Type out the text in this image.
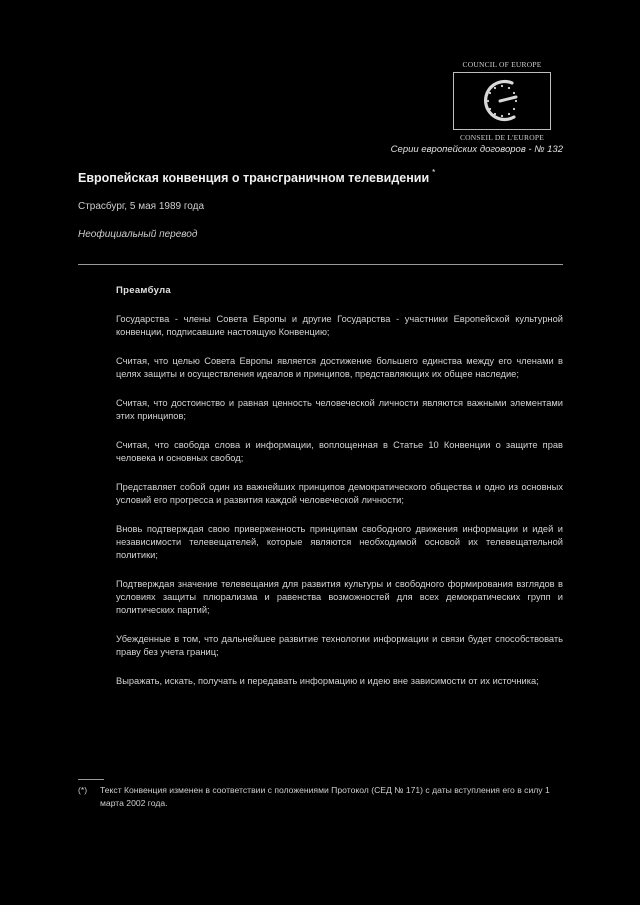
COUNCIL OF EUROPE
CONSEIL DE L'EUROPE
Серии европейских договоров - № 132
Европейская конвенция о трансграничном телевидении *
Страсбург, 5 мая 1989 года
Неофициальный перевод
Преамбула

Государства - члены Совета Европы и другие Государства - участники Европейской культурной конвенции, подписавшие настоящую Конвенцию;

Считая, что целью Совета Европы является достижение большего единства между его членами в целях защиты и осуществления идеалов и принципов, представляющих их общее наследие;

Считая, что достоинство и равная ценность человеческой личности являются важными элементами этих принципов;

Считая, что свобода слова и информации, воплощенная в Статье 10 Конвенции о защите прав человека и основных свобод;

Представляет собой один из важнейших принципов демократического общества и одно из основных условий его прогресса и развития каждой человеческой личности;

Вновь подтверждая свою приверженность принципам свободного движения информации и идей и независимости телевещателей, которые являются необходимой основой их телевещательной политики;

Подтверждая значение телевещания для развития культуры и свободного формирования взглядов в условиях защиты плюрализма и равенства возможностей для всех демократических групп и политических партий;

Убежденные в том, что дальнейшее развитие технологии информации и связи будет способствовать праву без учета границ;

Выражать, искать, получать и передавать информацию и идею вне зависимости от их источника;

(*) Текст Конвенция изменен в соответствии с положениями Протокол (СЕД № 171) с даты вступления его в силу 1 марта 2002 года.
